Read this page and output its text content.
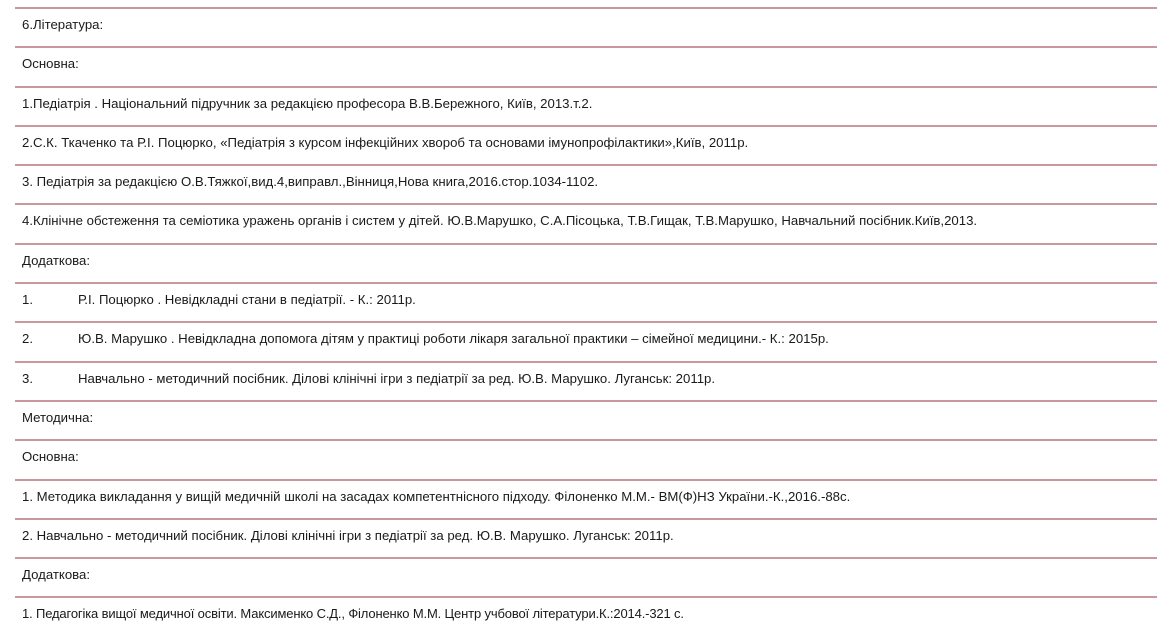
6.Література:
Основна:
1.Педіатрія . Національний підручник за редакцією професора В.В.Бережного, Київ, 2013.т.2.
2.С.К. Ткаченко та Р.І. Поцюрко, «Педіатрія з курсом інфекційних хвороб та основами імунопрофілактики»,Київ, 2011р.
3. Педіатрія за редакцією О.В.Тяжкої,вид.4,виправл.,Вінниця,Нова книга,2016.стор.1034-1102.
4.Клінічне обстеження та семіотика уражень органів і систем у дітей. Ю.В.Марушко, С.А.Пісоцька, Т.В.Гищак, Т.В.Марушко, Навчальний посібник.Київ,2013.
Додаткова:
1.	Р.І. Поцюрко . Невідкладні стани в педіатрії. - К.: 2011р.
2.	Ю.В. Марушко . Невідкладна допомога дітям у практиці роботи лікаря загальної практики – сімейної медицини.- К.: 2015р.
3.	Навчально - методичний посібник. Ділові клінічні ігри з педіатрії за ред. Ю.В. Марушко. Луганськ: 2011р.
Методична:
Основна:
1. Методика викладання у вищій медичній школі на засадах компетентнісного підходу. Філоненко М.М.- ВМ(Ф)НЗ України.-К.,2016.-88с.
2. Навчально - методичний посібник. Ділові клінічні ігри з педіатрії за ред. Ю.В. Марушко. Луганськ: 2011р.
Додаткова:
1. Педагогіка вищої медичної освіти. Максименко С.Д., Філоненко М.М. Центр учбової літератури.К.:2014.-321 с.
